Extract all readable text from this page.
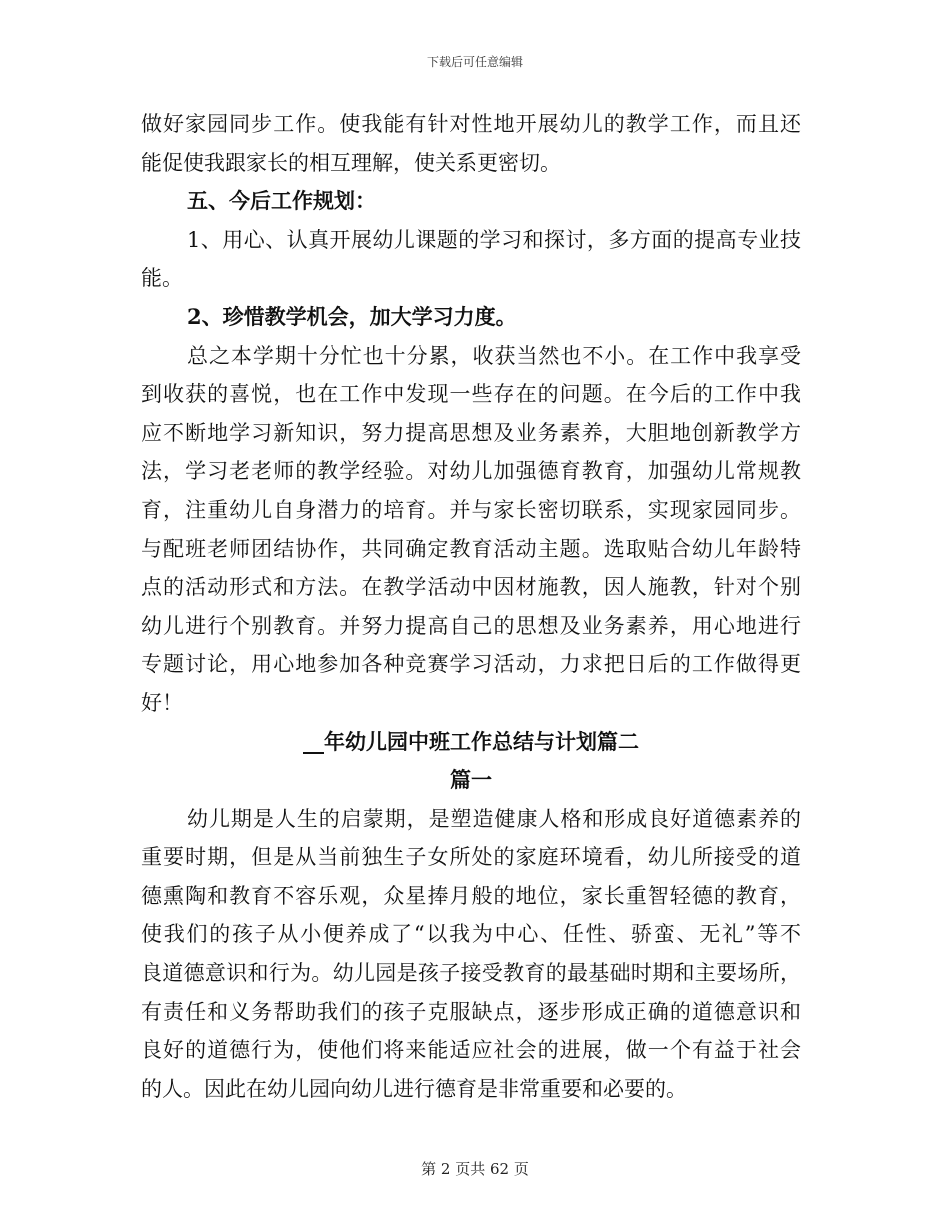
下载后可任意编辑
做好家园同步工作。使我能有针对性地开展幼儿的教学工作，而且还
能促使我跟家长的相互理解，使关系更密切。
五、今后工作规划：
1、用心、认真开展幼儿课题的学习和探讨，多方面的提高专业技
能。
2、珍惜教学机会，加大学习力度。
总之本学期十分忙也十分累，收获当然也不小。在工作中我享受
到收获的喜悦，也在工作中发现一些存在的问题。在今后的工作中我
应不断地学习新知识，努力提高思想及业务素养，大胆地创新教学方
法，学习老老师的教学经验。对幼儿加强德育教育，加强幼儿常规教
育，注重幼儿自身潜力的培育。并与家长密切联系，实现家园同步。
与配班老师团结协作，共同确定教育活动主题。选取贴合幼儿年龄特
点的活动形式和方法。在教学活动中因材施教，因人施教，针对个别
幼儿进行个别教育。并努力提高自己的思想及业务素养，用心地进行
专题讨论，用心地参加各种竞赛学习活动，力求把日后的工作做得更
好！
__年幼儿园中班工作总结与计划篇二
篇一
幼儿期是人生的启蒙期，是塑造健康人格和形成良好道德素养的
重要时期，但是从当前独生子女所处的家庭环境看，幼儿所接受的道
德熏陶和教育不容乐观，众星捧月般的地位，家长重智轻德的教育，
使我们的孩子从小便养成了“以我为中心、任性、骄蛮、无礼”等不
良道德意识和行为。幼儿园是孩子接受教育的最基础时期和主要场所，
有责任和义务帮助我们的孩子克服缺点，逐步形成正确的道德意识和
良好的道德行为，使他们将来能适应社会的进展，做一个有益于社会
的人。因此在幼儿园向幼儿进行德育是非常重要和必要的。
第 2 页共 62 页
